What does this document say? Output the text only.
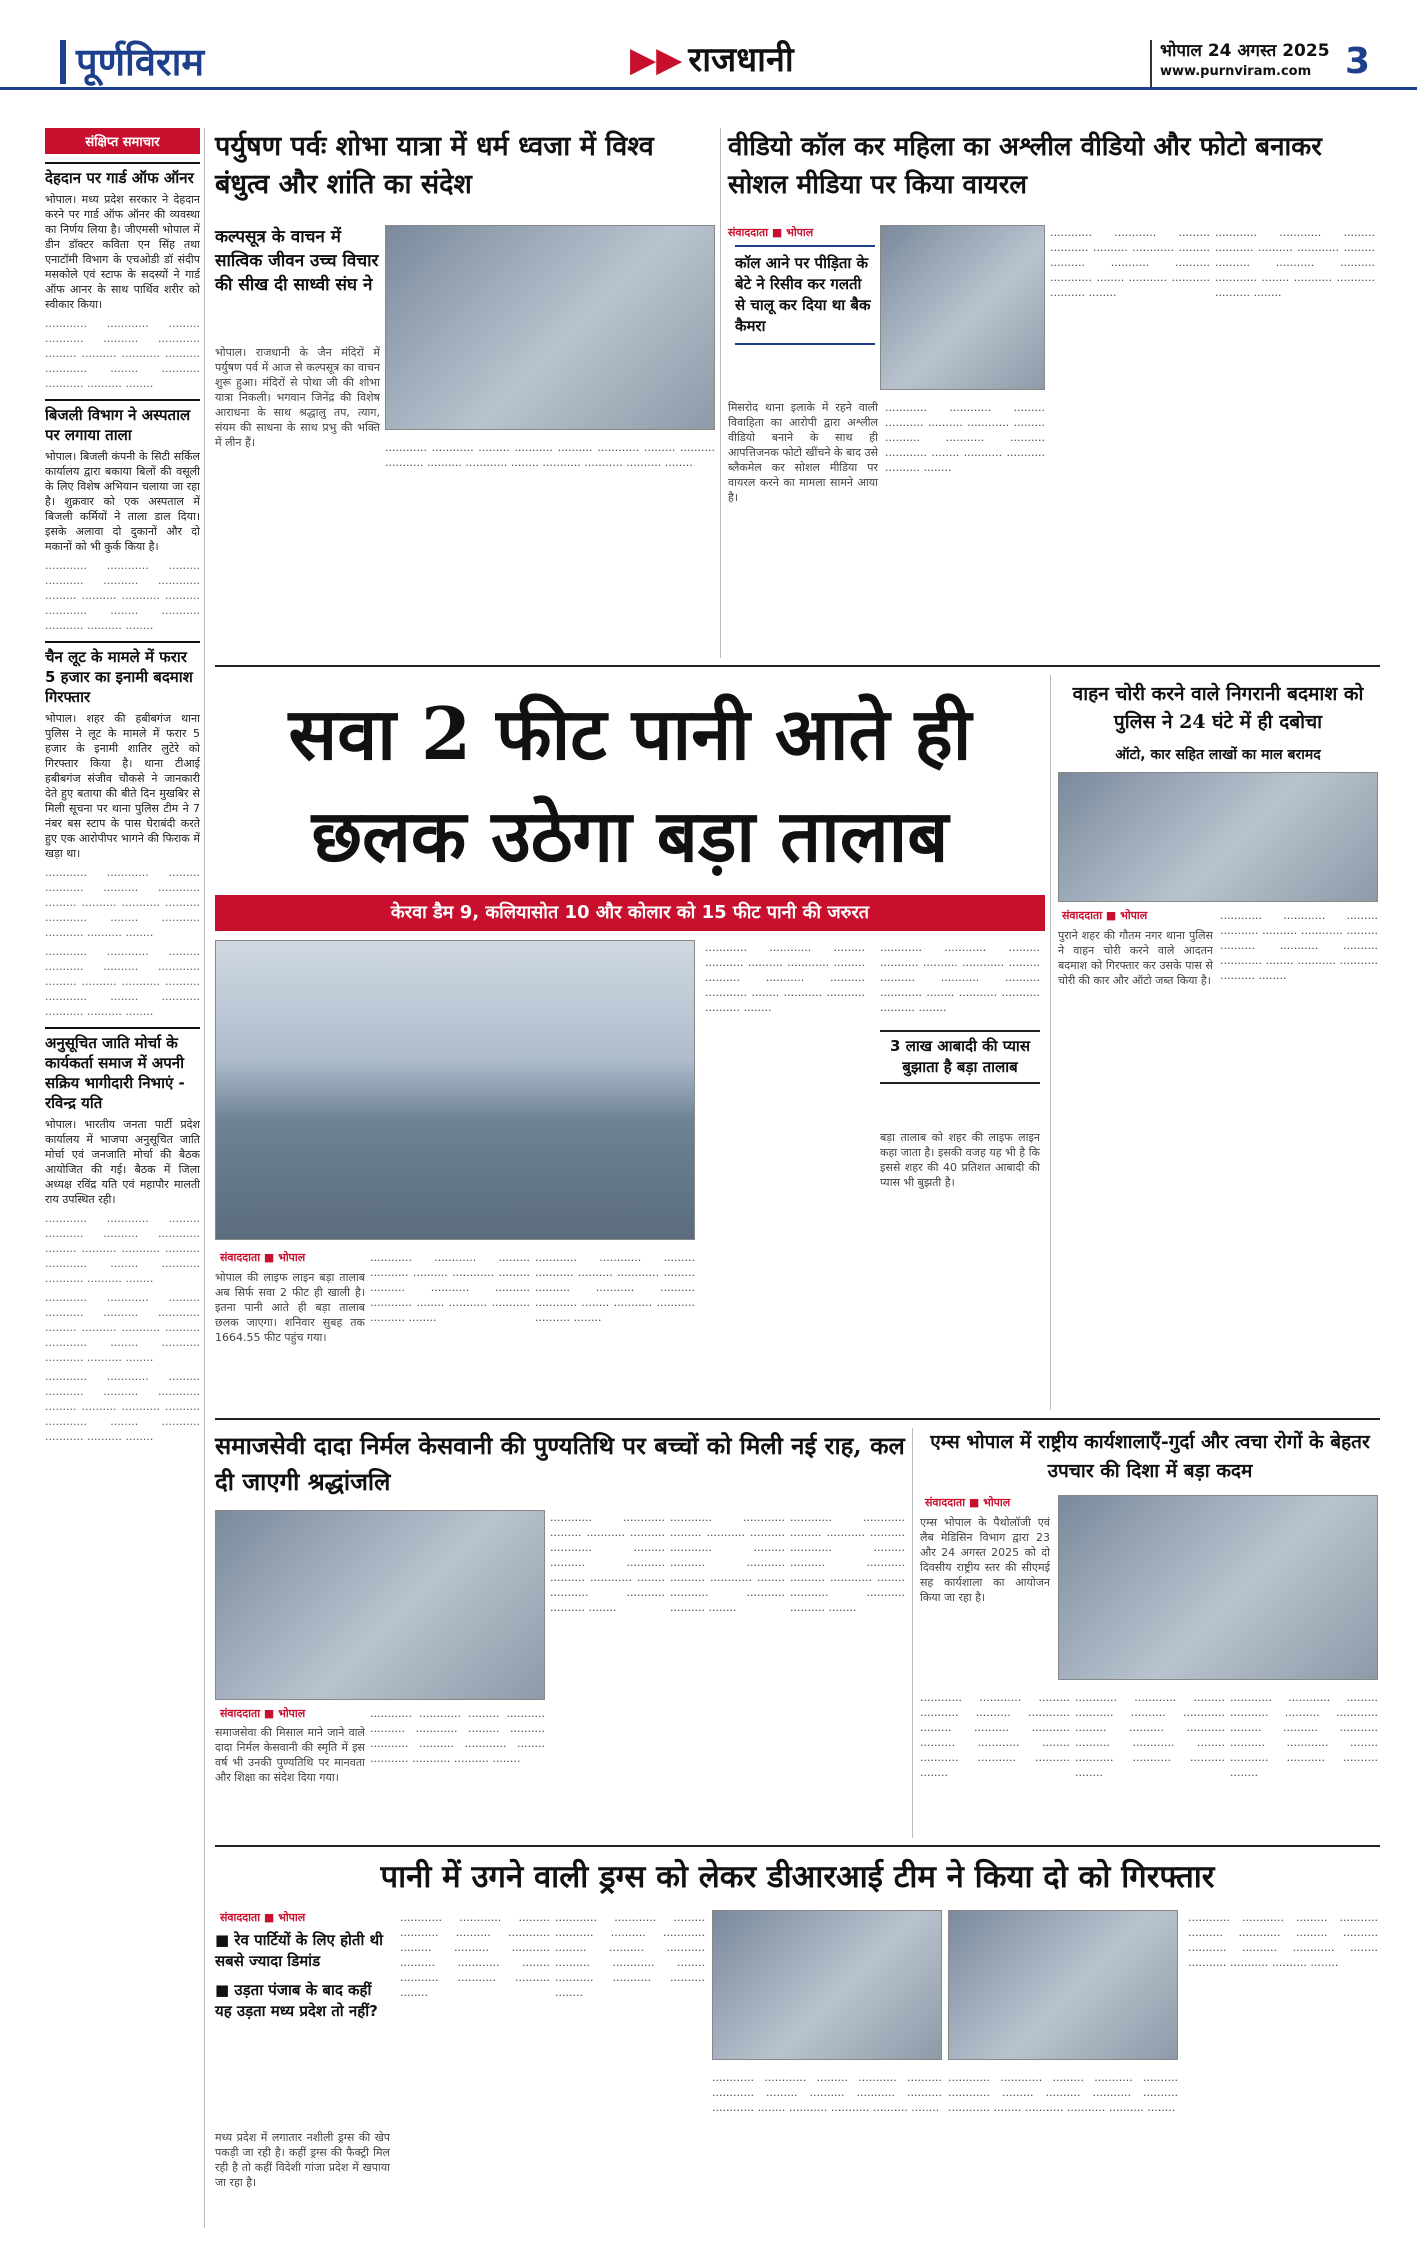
पूर्णविराम	▶▶ राजधानी	भोपाल 24 अगस्त 2025
www.purnviram.com 3
संक्षिप्त समाचार
देहदान पर गार्ड ऑफ ऑनर
भोपाल। मध्य प्रदेश सरकार ने देहदान करने पर गार्ड ऑफ ऑनर की व्यवस्था का निर्णय लिया है। जीएमसी भोपाल में डीन डॉक्टर कविता एन सिंह तथा एनाटॉमी विभाग के एचओडी डॉ संदीप मसकोले एवं स्टाफ के सदस्यों ने गार्ड ऑफ आनर के साथ पार्थिव शरीर को स्वीकार किया।
............ ............ ......... ........... .......... ............ ......... .......... ........... .......... ............ ........ ........... ........... .......... ........
बिजली विभाग ने अस्पताल पर लगाया ताला
भोपाल। बिजली कंपनी के सिटी सर्किल कार्यालय द्वारा बकाया बिलों की वसूली के लिए विशेष अभियान चलाया जा रहा है। शुक्रवार को एक अस्पताल में बिजली कर्मियों ने ताला डाल दिया। इसके अलावा दो दुकानों और दो मकानों को भी कुर्क किया है।
............ ............ ......... ........... .......... ............ ......... .......... ........... .......... ............ ........ ........... ........... .......... ........
चैन लूट के मामले में फरार 5 हजार का इनामी बदमाश गिरफ्तार
भोपाल। शहर की हबीबगंज थाना पुलिस ने लूट के मामले में फरार 5 हजार के इनामी शातिर लुटेरे को गिरफ्तार किया है। थाना टीआई हबीबगंज संजीव चौकसे ने जानकारी देते हुए बताया की बीते दिन मुखबिर से मिली सूचना पर थाना पुलिस टीम ने 7 नंबर बस स्टाप के पास घेराबंदी करते हुए एक आरोपीपर भागने की फिराक में खड़ा था।
............ ............ ......... ........... .......... ............ ......... .......... ........... .......... ............ ........ ........... ........... .......... ........
............ ............ ......... ........... .......... ............ ......... .......... ........... .......... ............ ........ ........... ........... .......... ........
अनुसूचित जाति मोर्चा के कार्यकर्ता समाज में अपनी सक्रिय भागीदारी निभाएं - रविन्द्र यति
भोपाल। भारतीय जनता पार्टी प्रदेश कार्यालय में भाजपा अनुसूचित जाति मोर्चा एवं जनजाति मोर्चा की बैठक आयोजित की गई। बैठक में जिला अध्यक्ष रविंद्र यति एवं महापौर मालती राय उपस्थित रही।
............ ............ ......... ........... .......... ............ ......... .......... ........... .......... ............ ........ ........... ........... .......... ........
............ ............ ......... ........... .......... ............ ......... .......... ........... .......... ............ ........ ........... ........... .......... ........
............ ............ ......... ........... .......... ............ ......... .......... ........... .......... ............ ........ ........... ........... .......... ........
पर्युषण पर्वः शोभा यात्रा में धर्म ध्वजा में विश्व बंधुत्व और शांति का संदेश
कल्पसूत्र के वाचन में सात्विक जीवन उच्च विचार की सीख दी साध्वी संघ ने
भोपाल। राजधानी के जैन मंदिरों में पर्युषण पर्व में आज से कल्पसूत्र का वाचन शुरू हुआ। मंदिरों से पोथा जी की शोभा यात्रा निकली। भगवान जिनेंद्र की विशेष आराधना के साथ श्रद्धालु तप, त्याग, संयम की साधना के साथ प्रभु की भक्ति में लीन हैं।	............ ............ ......... ........... .......... ............ ......... .......... ........... .......... ............ ........ ........... ........... .......... ........
वीडियो कॉल कर महिला का अश्लील वीडियो और फोटो बनाकर सोशल मीडिया पर किया वायरल
संवाददाता ■ भोपाल
कॉल आने पर पीड़िता के बेटे ने रिसीव कर गलती से चालू कर दिया था बैक कैमरा
मिसरोद थाना इलाके में रहने वाली विवाहिता का आरोपी द्वारा अश्लील वीडियो बनाने के साथ ही आपत्तिजनक फोटो खींचने के बाद उसे ब्लैकमेल कर सोशल मीडिया पर वायरल करने का मामला सामने आया है।
............ ............ ......... ........... .......... ............ ......... .......... ........... .......... ............ ........ ........... ........... .......... ........
............ ............ ......... ........... .......... ............ ......... .......... ........... .......... ............ ........ ........... ........... .......... ........
............ ............ ......... ........... .......... ............ ......... .......... ........... .......... ............ ........ ........... ........... .......... ........
सवा 2 फीट पानी आते ही
छलक उठेगा बड़ा तालाब
केरवा डैम 9, कलियासोत 10 और कोलार को 15 फीट पानी की जरुरत
संवाददाता ■ भोपाल
भोपाल की लाइफ लाइन बड़ा तालाब अब सिर्फ सवा 2 फीट ही खाली है। इतना पानी आते ही बड़ा तालाब छलक जाएगा। शनिवार सुबह तक 1664.55 फीट पहुंच गया।
............ ............ ......... ........... .......... ............ ......... .......... ........... .......... ............ ........ ........... ........... .......... ........
............ ............ ......... ........... .......... ............ ......... .......... ........... .......... ............ ........ ........... ........... .......... ........
............ ............ ......... ........... .......... ............ ......... .......... ........... .......... ............ ........ ........... ........... .......... ........
3 लाख आबादी की प्यास बुझाता है बड़ा तालाब
बड़ा तालाब को शहर की लाइफ लाइन कहा जाता है। इसकी वजह यह भी है कि इससे शहर की 40 प्रतिशत आबादी की प्यास भी बुझती है।
............ ............ ......... ........... .......... ............ ......... .......... ........... .......... ............ ........ ........... ........... .......... ........
वाहन चोरी करने वाले निगरानी बदमाश को पुलिस ने 24 घंटे में ही दबोचा
ऑटो, कार सहित लाखों का माल बरामद
संवाददाता ■ भोपाल
पुराने शहर की गौतम नगर थाना पुलिस ने वाहन चोरी करने वाले आदतन बदमाश को गिरफ्तार कर उसके पास से चोरी की कार और ऑटो जब्त किया है।
............ ............ ......... ........... .......... ............ ......... .......... ........... .......... ............ ........ ........... ........... .......... ........
समाजसेवी दादा निर्मल केसवानी की पुण्यतिथि पर बच्चों को मिली नई राह, कल दी जाएगी श्रद्धांजलि
संवाददाता ■ भोपाल
समाजसेवा की मिसाल माने जाने वाले दादा निर्मल केसवानी की स्मृति में इस वर्ष भी उनकी पुण्यतिथि पर मानवता और शिक्षा का संदेश दिया गया।
............ ............ ......... ........... .......... ............ ......... .......... ........... .......... ............ ........ ........... ........... .......... ........
............ ............ ......... ........... .......... ............ ......... .......... ........... .......... ............ ........ ........... ........... .......... ........
............ ............ ......... ........... .......... ............ ......... .......... ........... .......... ............ ........ ........... ........... .......... ........
............ ............ ......... ........... .......... ............ ......... .......... ........... .......... ............ ........ ........... ........... .......... ........
एम्स भोपाल में राष्ट्रीय कार्यशालाएँ-गुर्दा और त्वचा रोगों के बेहतर उपचार की दिशा में बड़ा कदम
संवाददाता ■ भोपाल
एम्स भोपाल के पैथोलॉजी एवं लैब मेडिसिन विभाग द्वारा 23 और 24 अगस्त 2025 को दो दिवसीय राष्ट्रीय स्तर की सीएमई सह कार्यशाला का आयोजन किया जा रहा है।
............ ............ ......... ........... .......... ............ ......... .......... ........... .......... ............ ........ ........... ........... .......... ........
............ ............ ......... ........... .......... ............ ......... .......... ........... .......... ............ ........ ........... ........... .......... ........
............ ............ ......... ........... .......... ............ ......... .......... ........... .......... ............ ........ ........... ........... .......... ........
पानी में उगने वाली ड्रग्स को लेकर डीआरआई टीम ने किया दो को गिरफ्तार
संवाददाता ■ भोपाल
■ रेव पार्टियों के लिए होती थी सबसे ज्यादा डिमांड
■ उड़ता पंजाब के बाद कहीं यह उड़ता मध्य प्रदेश तो नहीं?
मध्य प्रदेश में लगातार नशीली ड्रग्स की खेप पकड़ी जा रही है। कहीं ड्रग्स की फैक्ट्री मिल रही है तो कहीं विदेशी गांजा प्रदेश में खपाया जा रहा है।
............ ............ ......... ........... .......... ............ ......... .......... ........... .......... ............ ........ ........... ........... .......... ........
............ ............ ......... ........... .......... ............ ......... .......... ........... .......... ............ ........ ........... ........... .......... ........
............ ............ ......... ........... .......... ............ ......... .......... ........... .......... ............ ........ ........... ........... .......... ........
............ ............ ......... ........... .......... ............ ......... .......... ........... .......... ............ ........ ........... ........... .......... ........
............ ............ ......... ........... .......... ............ ......... .......... ........... .......... ............ ........ ........... ........... .......... ........
